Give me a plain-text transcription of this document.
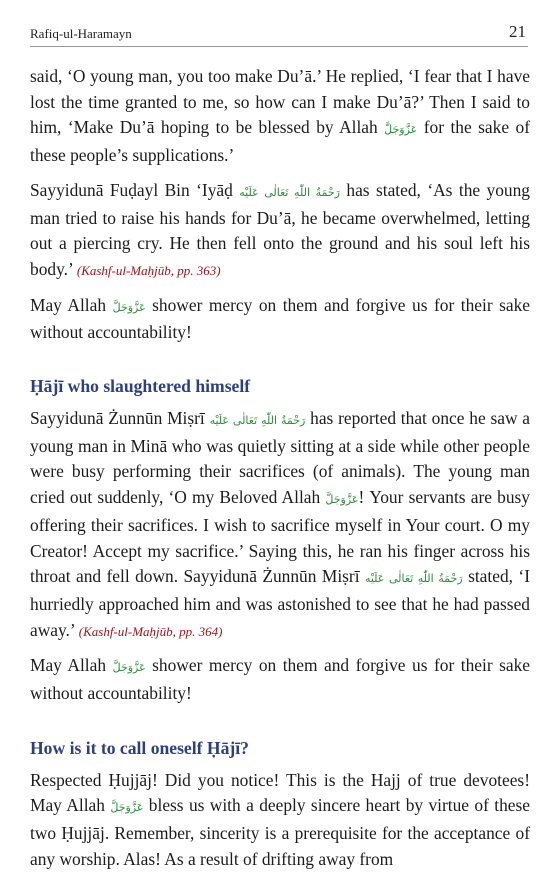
Rafiq-ul-Haramayn	21

said, ‘O young man, you too make Du’ā.’ He replied, ‘I fear that I have lost the time granted to me, so how can I make Du’ā?’ Then I said to him, ‘Make Du’ā hoping to be blessed by Allah عَزَّوَجَلَّ for the sake of these people’s supplications.’

Sayyidunā Fuḍayl Bin ‘Iyāḍ رَحْمَةُ اللّٰهِ تَعَالٰی عَلَيْه has stated, ‘As the young man tried to raise his hands for Du’ā, he became overwhelmed, letting out a piercing cry. He then fell onto the ground and his soul left his body.’ (Kashf-ul-Maḥjūb, pp. 363)

May Allah عَزَّوَجَلَّ shower mercy on them and forgive us for their sake without accountability!

Ḥājī who slaughtered himself

Sayyidunā Żunnūn Miṣrī رَحْمَةُ اللّٰهِ تَعَالٰی عَلَيْه has reported that once he saw a young man in Minā who was quietly sitting at a side while other people were busy performing their sacrifices (of animals). The young man cried out suddenly, ‘O my Beloved Allah عَزَّوَجَلَّ! Your servants are busy offering their sacrifices. I wish to sacrifice myself in Your court. O my Creator! Accept my sacrifice.’ Saying this, he ran his finger across his throat and fell down. Sayyidunā Żunnūn Miṣrī رَحْمَةُ اللّٰهِ تَعَالٰی عَلَيْه stated, ‘I hurriedly approached him and was astonished to see that he had passed away.’ (Kashf-ul-Maḥjūb, pp. 364)

May Allah عَزَّوَجَلَّ shower mercy on them and forgive us for their sake without accountability!

How is it to call oneself Ḥājī?

Respected Ḥujjāj! Did you notice! This is the Hajj of true devotees! May Allah عَزَّوَجَلَّ bless us with a deeply sincere heart by virtue of these two Ḥujjāj. Remember, sincerity is a prerequisite for the acceptance of any worship. Alas! As a result of drifting away from
